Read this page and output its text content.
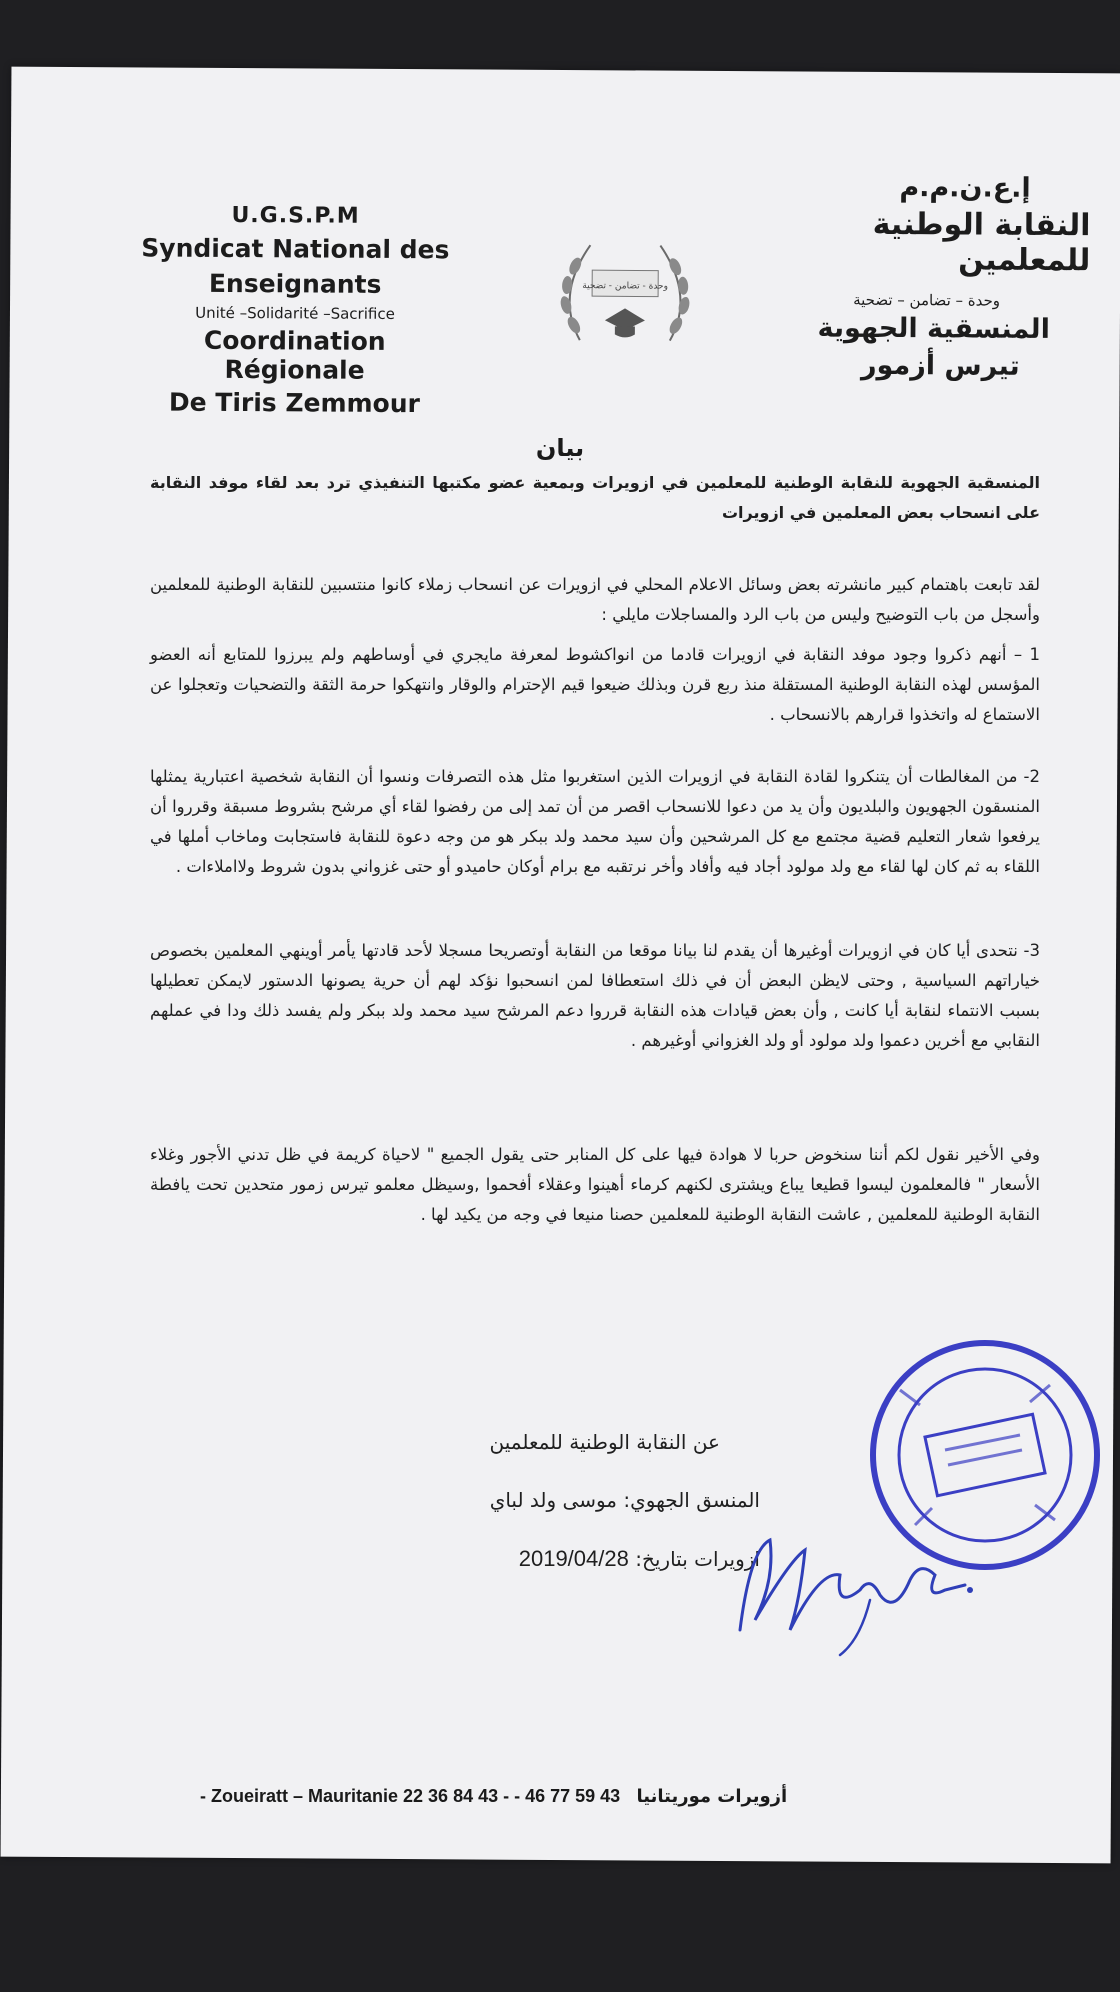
U.G.S.P.M
Syndicat National des
Enseignants
Unité –Solidarité –Sacrifice
Coordination Régionale
De Tiris Zemmour
وحدة - تضامن - تضحية
إ.ع.ن.م.م
النقابة الوطنية للمعلمين
وحدة – تضامن – تضحية
المنسقية الجهوية
تيرس أزمور
بيان
المنسقية الجهوية للنقابة الوطنية للمعلمين في ازويرات وبمعية عضو مكتبها التنفيذي ترد بعد لقاء موفد النقابة على انسحاب بعض المعلمين في ازويرات
لقد تابعت باهتمام كبير مانشرته بعض وسائل الاعلام المحلي في ازويرات عن انسحاب زملاء كانوا منتسبين للنقابة الوطنية للمعلمين وأسجل من باب التوضيح وليس من باب الرد والمساجلات مايلي :
1 – أنهم ذكروا وجود موفد النقابة في ازويرات قادما من انواكشوط لمعرفة مايجري في أوساطهم ولم يبرزوا للمتابع أنه العضو المؤسس لهذه النقابة الوطنية المستقلة منذ ربع قرن وبذلك ضيعوا قيم الإحترام والوقار وانتهكوا حرمة الثقة والتضحيات وتعجلوا عن الاستماع له واتخذوا قرارهم بالانسحاب .
2- من المغالطات أن يتنكروا لقادة النقابة في ازويرات الذين استغربوا مثل هذه التصرفات ونسوا أن النقابة شخصية اعتبارية يمثلها المنسقون الجهويون والبلديون وأن يد من دعوا للانسحاب اقصر من أن تمد إلى من رفضوا لقاء أي مرشح بشروط مسبقة وقرروا أن يرفعوا شعار التعليم قضية مجتمع مع كل المرشحين وأن سيد محمد ولد ببكر هو من وجه دعوة للنقابة فاستجابت وماخاب أملها في اللقاء به ثم كان لها لقاء مع ولد مولود أجاد فيه وأفاد وأخر نرتقبه مع برام أوكان حاميدو أو حتى غزواني بدون شروط ولااملاءات .
3- نتحدى أيا كان في ازويرات أوغيرها أن يقدم لنا بيانا موقعا من النقابة أوتصريحا مسجلا لأحد قادتها يأمر أوينهي المعلمين بخصوص خياراتهم السياسية , وحتى لايظن البعض أن في ذلك استعطافا لمن انسحبوا نؤكد لهم أن حرية يصونها الدستور لايمكن تعطيلها بسبب الانتماء لنقابة أيا كانت , وأن بعض قيادات هذه النقابة قرروا دعم المرشح سيد محمد ولد ببكر ولم يفسد ذلك ودا في عملهم النقابي مع أخرين دعموا ولد مولود أو ولد الغزواني أوغيرهم .
وفي الأخير نقول لكم أننا سنخوض حربا لا هوادة فيها على كل المنابر حتى يقول الجميع " لاحياة كريمة في ظل تدني الأجور وغلاء الأسعار " فالمعلمون ليسوا قطيعا يباع ويشترى لكنهم كرماء أهينوا وعقلاء أفحموا ,وسيظل معلمو تيرس زمور متحدين تحت يافطة النقابة الوطنية للمعلمين , عاشت النقابة الوطنية للمعلمين حصنا منيعا في وجه من يكيد لها .
عن النقابة الوطنية للمعلمين
المنسق الجهوي: موسى ولد لباي
ازويرات بتاريخ: 2019/04/28
- Zoueiratt – Mauritanie 22 36 84 43 - - 46 77 59 43 أزويرات موريتانيا
